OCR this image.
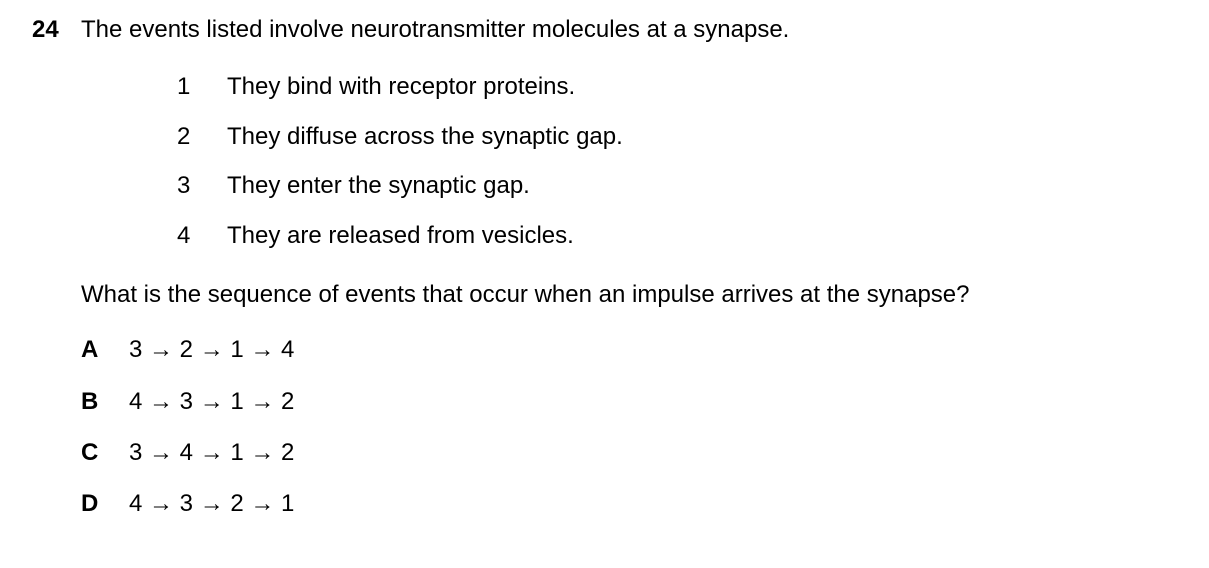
24 The events listed involve neurotransmitter molecules at a synapse.
1 They bind with receptor proteins.
2 They diffuse across the synaptic gap.
3 They enter the synaptic gap.
4 They are released from vesicles.
What is the sequence of events that occur when an impulse arrives at the synapse?
A 3 → 2 → 1 → 4
B 4 → 3 → 1 → 2
C 3 → 4 → 1 → 2
D 4 → 3 → 2 → 1
